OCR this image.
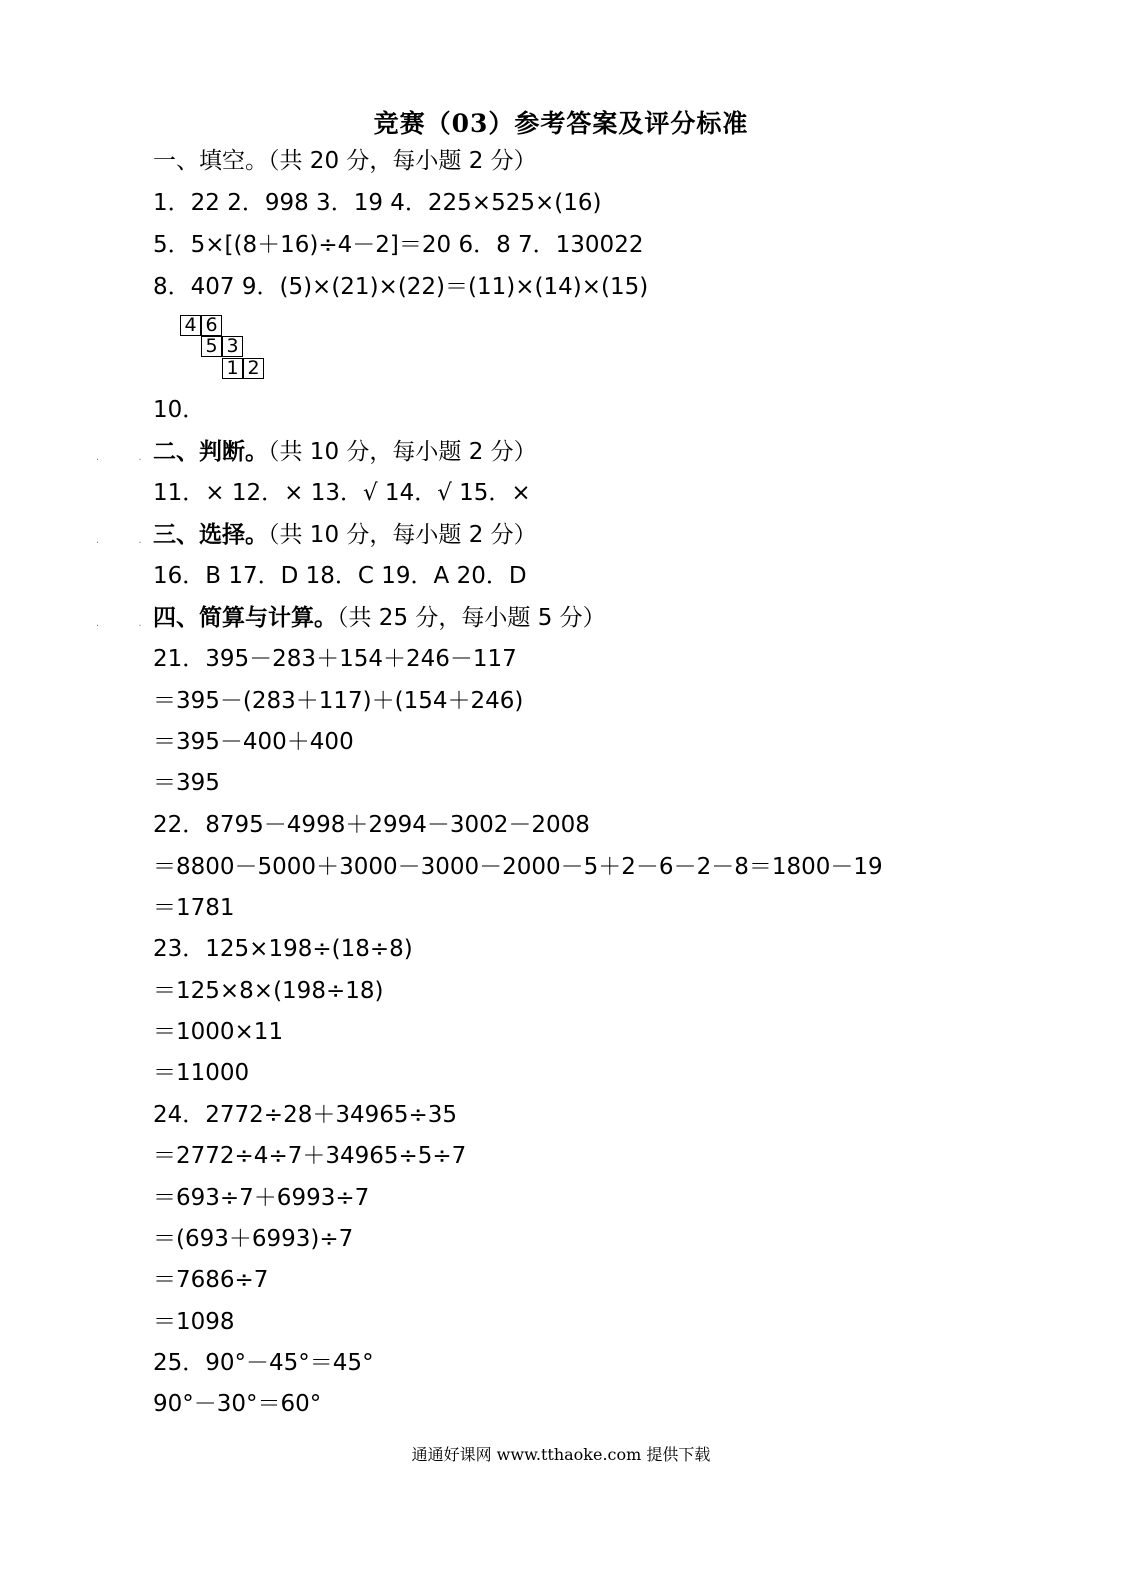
竞赛（03）参考答案及评分标准
一、填空。（共 20 分，每小题 2 分）
1．22 2．998 3．19 4．225×525×(16)
5．5×[(8＋16)÷4－2]＝20 6．8 7．130022
8．407 9．(5)×(21)×(22)＝(11)×(14)×(15)
4 6
5 3
1 2
10．
. .
二、判断。（共 10 分，每小题 2 分）
11．× 12．× 13．√ 14．√ 15．×
. .
三、选择。（共 10 分，每小题 2 分）
16．B 17．D 18．C 19．A 20．D
. .
四、简算与计算。（共 25 分，每小题 5 分）
21．395－283＋154＋246－117
＝395－(283＋117)＋(154＋246)
＝395－400＋400
＝395
22．8795－4998＋2994－3002－2008
＝8800－5000＋3000－3000－2000－5＋2－6－2－8＝1800－19
＝1781
23．125×198÷(18÷8)
＝125×8×(198÷18)
＝1000×11
＝11000
24．2772÷28＋34965÷35
＝2772÷4÷7＋34965÷5÷7
＝693÷7＋6993÷7
＝(693＋6993)÷7
＝7686÷7
＝1098
25．90°－45°＝45°
90°－30°＝60°
通通好课网 www.tthaoke.com 提供下载
